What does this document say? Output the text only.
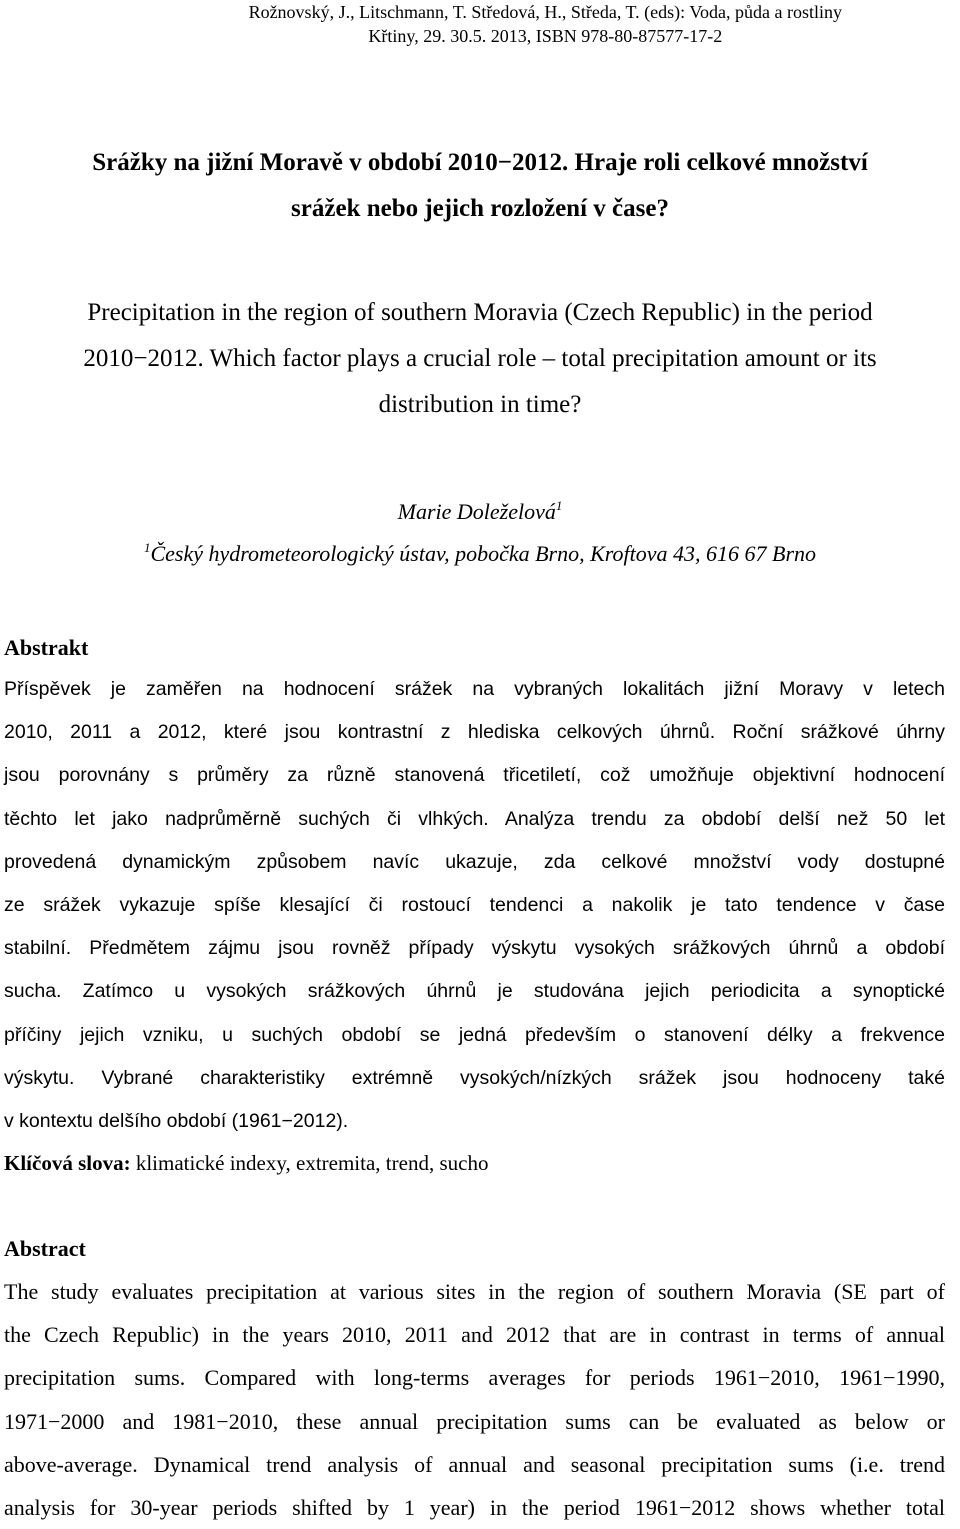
Rožnovský, J., Litschmann, T. Středová, H., Středa, T. (eds): Voda, půda a rostliny
Křtiny, 29. 30.5. 2013, ISBN 978-80-87577-17-2
Srážky na jižní Moravě v období 2010−2012. Hraje roli celkové množství
srážek nebo jejich rozložení v čase?
Precipitation in the region of southern Moravia (Czech Republic) in the period
2010−2012. Which factor plays a crucial role – total precipitation amount or its
distribution in time?
Marie Doleželová$^1$
$^1$Český hydrometeorologický ústav, pobočka Brno, Kroftova 43, 616 67 Brno
Abstrakt
Příspěvek je zaměřen na hodnocení srážek na vybraných lokalitách jižní Moravy v letech
2010, 2011 a 2012, které jsou kontrastní z hlediska celkových úhrnů. Roční srážkové úhrny
jsou porovnány s průměry za různě stanovená třicetiletí, což umožňuje objektivní hodnocení
těchto let jako nadprůměrně suchých či vlhkých. Analýza trendu za období delší než 50 let
provedená dynamickým způsobem navíc ukazuje, zda celkové množství vody dostupné
ze srážek vykazuje spíše klesající či rostoucí tendenci a nakolik je tato tendence v čase
stabilní. Předmětem zájmu jsou rovněž případy výskytu vysokých srážkových úhrnů a období
sucha. Zatímco u vysokých srážkových úhrnů je studována jejich periodicita a synoptické
příčiny jejich vzniku, u suchých období se jedná především o stanovení délky a frekvence
výskytu. Vybrané charakteristiky extrémně vysokých/nízkých srážek jsou hodnoceny také
v kontextu delšího období (1961−2012).
Klíčová slova: klimatické indexy, extremita, trend, sucho
Abstract
The study evaluates precipitation at various sites in the region of southern Moravia (SE part of
the Czech Republic) in the years 2010, 2011 and 2012 that are in contrast in terms of annual
precipitation sums. Compared with long-terms averages for periods 1961−2010, 1961−1990,
1971−2000 and 1981−2010, these annual precipitation sums can be evaluated as below or
above-average. Dynamical trend analysis of annual and seasonal precipitation sums (i.e. trend
analysis for 30-year periods shifted by 1 year) in the period 1961−2012 shows whether total
